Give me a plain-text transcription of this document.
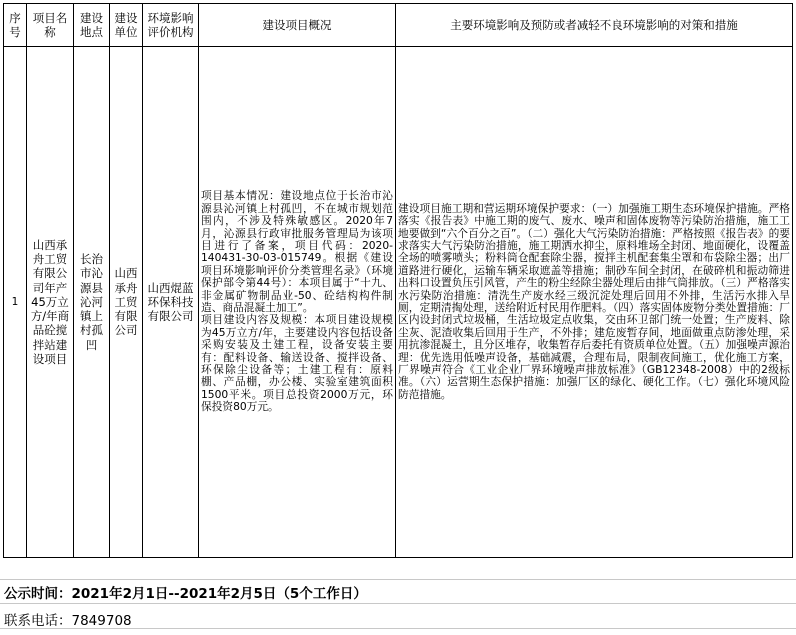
序号
项目名称
建设地点
建设单位
环境影响评价机构	建设项目概况	主要环境影响及预防或者减轻不良环境影响的对策和措施
1
山西承舟工贸有限公司年产45万立方/年商品砼搅拌站建设项目
长治市沁源县沁河镇上村孤凹
山西承舟工贸有限公司
山西焜蓝环保科技有限公司
项目基本情况：建设地点位于长治市沁源县沁河镇上村孤凹，不在城市规划范围内，不涉及特殊敏感区。2020年7月，沁源县行政审批服务管理局为该项目进行了备案，项目代码：2020-140431-30-03-015749。根据《建设项目环境影响评价分类管理名录》（环境保护部令第44号）：本项目属于“十九、非金属矿物制品业-50、砼结构构件制造、商品混凝土加工”。
项目建设内容及规模：本项目建设规模为45万立方/年，主要建设内容包括设备采购安装及土建工程，设备安装主要有：配料设备、输送设备、搅拌设备、环保除尘设备等；土建工程有：原料棚、产品棚，办公楼、实验室建筑面积1500平米。项目总投资2000万元，环保投资80万元。
建设项目施工期和营运期环境保护要求：（一）加强施工期生态环境保护措施。严格落实《报告表》中施工期的废气、废水、噪声和固体废物等污染防治措施，施工工地要做到“六个百分之百”。（二）强化大气污染防治措施：严格按照《报告表》的要求落实大气污染防治措施，施工期洒水抑尘，原料堆场全封闭、地面硬化，设覆盖全场的喷雾喷头；粉料筒仓配套除尘器，搅拌主机配套集尘罩和布袋除尘器；出厂道路进行硬化，运输车辆采取遮盖等措施；制砂车间全封闭，在破碎机和振动筛进出料口设置负压引风管，产生的粉尘经除尘器处理后由排气筒排放。（三）严格落实水污染防治措施：清洗生产废水经三级沉淀处理后回用不外排，生活污水排入旱厕，定期清掏处理，送给附近村民用作肥料。（四）落实固体废物分类处置措施：厂区内设封闭式垃圾桶，生活垃圾定点收集，交由环卫部门统一处置；生产废料、除尘灰、泥渣收集后回用于生产，不外排；建危废暂存间，地面做重点防渗处理，采用抗渗混凝土，且分区堆存，收集暂存后委托有资质单位处置。（五）加强噪声源治理：优先选用低噪声设备，基础减震，合理布局，限制夜间施工，优化施工方案，厂界噪声符合《工业企业厂界环境噪声排放标准》（GB12348-2008）中的2级标准。（六）运营期生态保护措施：加强厂区的绿化、硬化工作。（七）强化环境风险防范措施。
公示时间：2021年2月1日--2021年2月5日（5个工作日）
联系电话：7849708
